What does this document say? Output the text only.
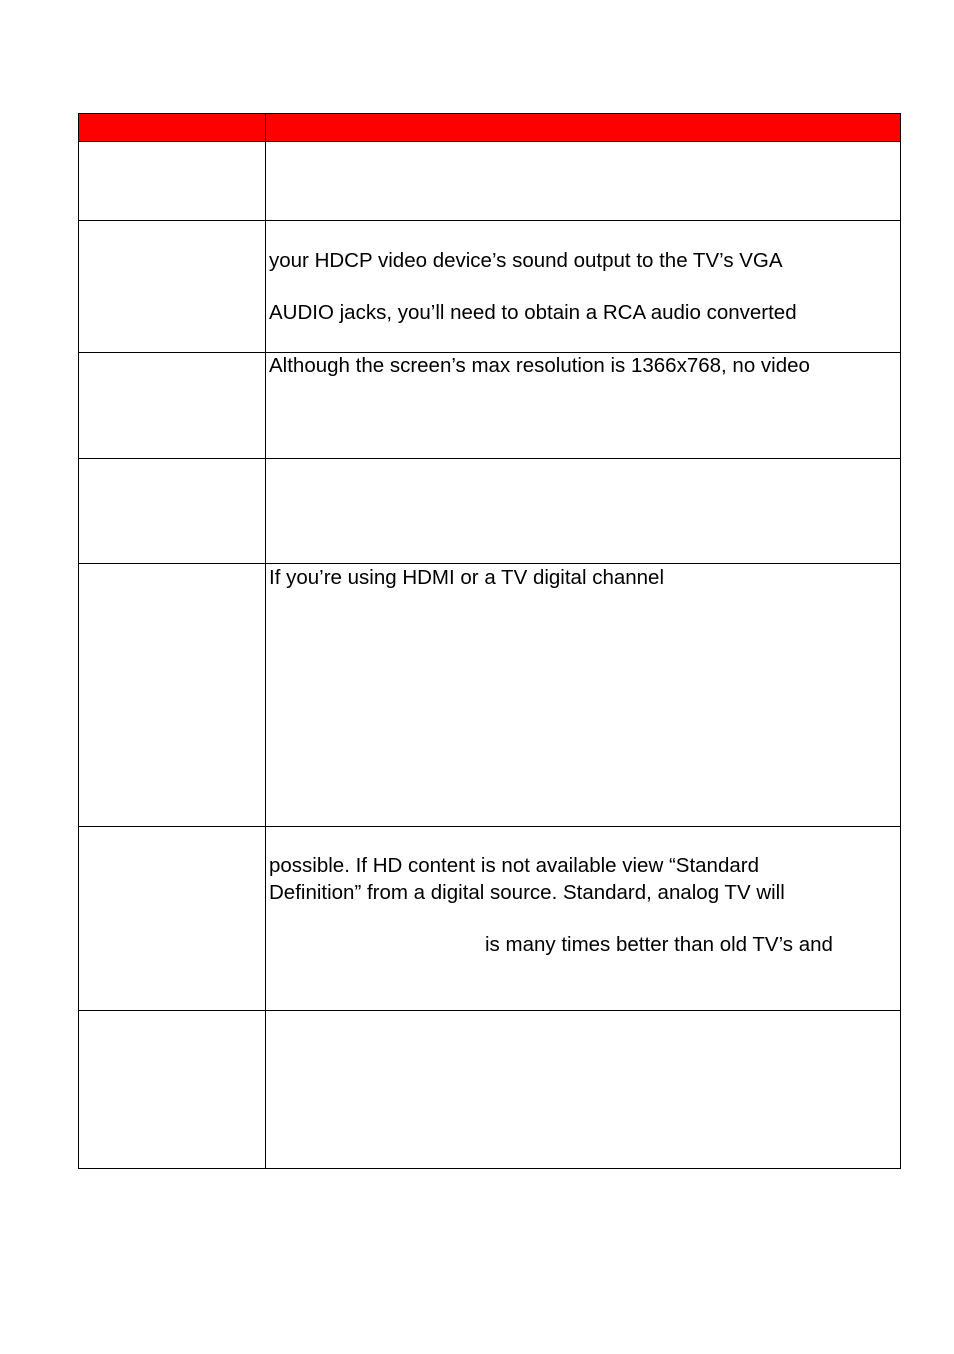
your HDCP video device’s sound output to the TV’s VGA
AUDIO jacks, you’ll need to obtain a RCA audio converted
Although the screen’s max resolution is 1366x768, no video
If you’re using HDMI or a TV digital channel
possible. If HD content is not available view “Standard
Definition” from a digital source. Standard, analog TV will
is many times better than old TV’s and
